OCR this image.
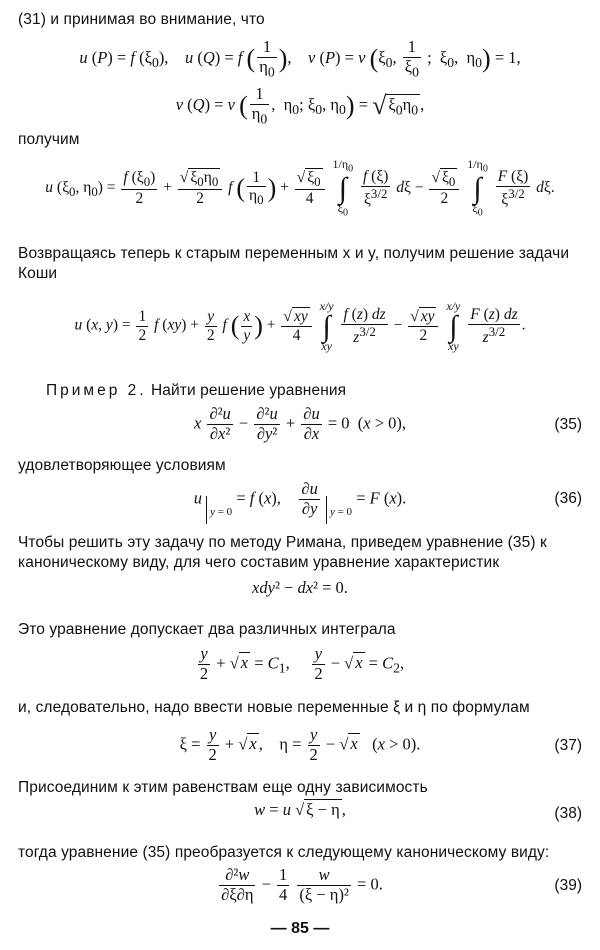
(31) и принимая во внимание, что
u (P) = f $(\xi_0)$,    u (Q) = f ( $\frac{1}{\eta_0}$ ),    v (P) = v ($\xi_0$, $\frac{1}{\xi_0}$ ;  $\xi_0$,  $\eta_0) = 1$,
v (Q) = v ( $\frac{1}{\eta_0}$ ,  $\eta_0$; $\xi_0$, $\eta_0$) = √ $\xi_0\eta_0$ ,
получим
u ($\xi_0$, $\eta_0) = \frac{f (\xi_0)}{2} + \frac{√ \xi_0\eta_0}{2}$ f ( $\frac{1}{\eta_0}$ ) + $\frac{√ \xi_0}{4}$
$1/\eta_0$
∫
$\xi_0$
$\frac{f (\xi)}{\xi^{3/2}}$ $d\xi - \frac{√ \xi_0}{2}$
$1/\eta_0$
∫
$\xi_0$
$\frac{F (\xi)}{\xi^{3/2}} d\xi$.
Возвращаясь теперь к старым переменным x и y, получим решение задачи Коши
u (x, $y) = \frac{1}{2}$ f $(xy) + \frac{y}{2}$ f ( $\frac{x}{y}$ ) + $\frac{√ xy}{4}$
x/y
∫
xy $\frac{f (z) dz}{z^{3/2}} - \frac{√ xy}{2}$
x/y
∫
xy $\frac{F (z) dz}{z^{3/2}}$ .
Пример 2. Найти решение уравнения
x $\frac{\text{∂²u}}{\text{∂x²}} - \frac{\text{∂²u}}{\text{∂y²}} + \frac{\partial u}{\partial x} = 0$  (x > 0),	(35)
удовлетворяющее условиям
u
y = 0 = f (x), $\frac{\partial u}{\partial y}$
y = 0 = F (x).	(36)
Чтобы решить эту задачу по методу Римана, приведем уравнение (35) к каноническому виду, для чего составим уравнение характеристик
xdy² − dx² = 0.
Это уравнение допускает два различных интеграла
$\frac{y}{2}$ + √ $x = C_1$, $\frac{y}{2}$ − √ $x = C_2$,
и, следовательно, надо ввести новые переменные ξ и η по формулам
$\xi = \frac{y}{2}$ + √ x ,    $\eta = \frac{y}{2}$ − √ x   (x > 0).	(37)
Присоединим к этим равенствам еще одну зависимость
w = u √ ξ − η ,	(38)
тогда уравнение (35) преобразуется к следующему каноническому виду:
$\frac{\text{∂²w}}{\partial\xi\partial\eta} - \frac{1}{4}$
$\frac{w}{\text{(ξ − η)²}} = 0$.	(39)
— 85 —
